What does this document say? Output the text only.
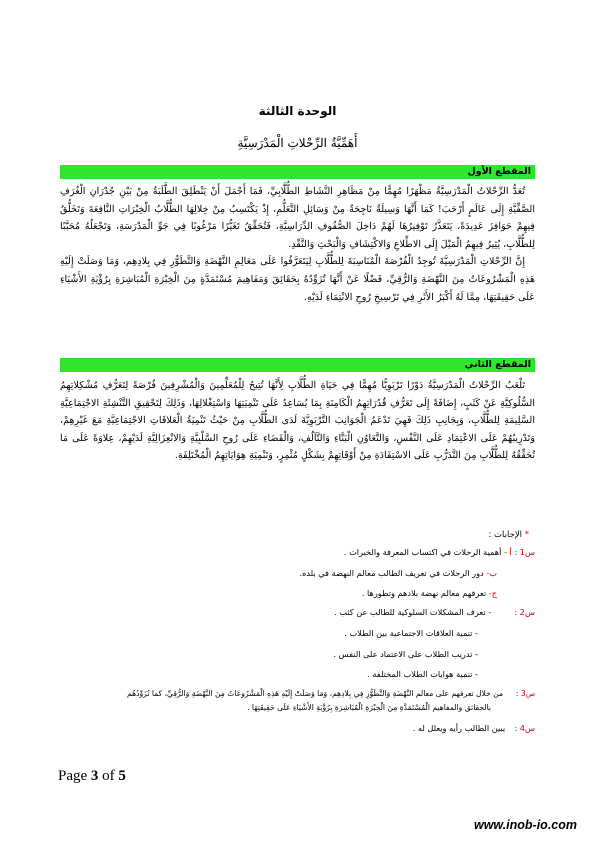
الوحدة الثالثة
أَهَمِّيَّةُ الرِّحْلاتِ الْمَدْرَسِيَّةِ
المقطع الأول

تُعَدُّ الرِّحْلاتُ الْمَدْرَسِيَّةُ مَظْهَرًا مُهِمًّا مِنْ مَظَاهِرِ النَّشَاطِ الطُّلَّابِيِّ، فَمَا أَجْمَلَ أَنْ يَنْطَلِقَ الطَّلَبَةُ مِنْ بَيْنِ جُدْرَانِ الْغُرَفِ الصَّفِّيَّةِ إِلَى عَالَمٍ أَرْحَبَ! كَمَا أَنَّهَا وَسِيلَةٌ نَاجِحَةٌ مِنْ وَسَائِلِ التَّعَلُّمِ، إِذْ يَكْتَسِبُ مِنْ خِلالِهَا الطُّلَّابُ الْخِبْرَاتِ النَّافِعَةَ وَتَخَلُّقُ فِيهِمْ حَوَافِزَ عَدِيدَةً، يَتَعَذَّرُ تَوْفِيرُهَا لَهُمْ دَاخِلَ الصُّفُوفِ الدِّرَاسِيَّةِ، فَتُحَقِّقُ تَغَيُّرًا مَرْغُوبًا فِي جَوِّ الْمَدْرَسَةِ، وَتَجْعَلُهُ مُحَبَّبًا لِلطُّلَّابِ، يُثِيرُ فِيهِمُ الْمَيْلَ إِلَى الاطِّلاعِ وَالاكْتِشَافِ وَالْبَحْثِ وَالنَّقْدِ.

إِنَّ الرِّحْلاتِ الْمَدْرَسِيَّةَ تُوجِدُ الْفُرْصَةَ الْمُنَاسِبَةَ لِلطُّلَّابِ لِيَتَعَرَّفُوا عَلَى مَعَالِمِ النَّهْضَةِ وَالتَّطَوُّرِ فِي بِلادِهِم، وَمَا وَصَلَتْ إِلَيْهِ هَذِهِ الْمَشْرُوعَاتُ مِنَ النَّهْضَةِ وَالرُّقِيِّ، فَضْلًا عَنْ أَنَّهَا تُزَوِّدُهُ بِحَقَائِقَ وَمَفَاهِيمَ مُسْتَمَدَّةٍ مِنَ الْخِبْرَةِ الْمُبَاشِرَةِ بِرُؤْيَةِ الأَشْيَاءِ عَلَى حَقِيقَتِهَا، مِمَّا لَهُ أَكْبَرُ الأَثَرِ فِي تَرْسِيخِ رُوحِ الانْتِمَاءِ لَدَيْهِ.

المقطع الثاني

تَلْعَبُ الرِّحْلاتُ الْمَدْرَسِيَّةُ دَوْرًا تَرْبَوِيًّا مُهِمًّا فِي حَيَاةِ الطُّلَّابِ لِأَنَّهَا تُتِيحُ لِلْمُعَلِّمِينَ وَالْمُشْرِفِينَ فُرْصَةً لِتَعَرُّفِ مُشْكِلاتِهِمُ السُّلُوكِيَّةِ عَنْ كَثَبٍ، إِضَافَةً إِلَى تَعَرُّفِ قُدُرَاتِهِمُ الْكَامِنَةِ بِمَا يُسَاعِدُ عَلَى تَنْمِيَتِهَا وَاسْتِغْلالِهَا، وَذَلِكَ لِتَحْقِيقِ التَّنْشِئَةِ الاجْتِمَاعِيَّةِ السَّلِيمَةِ لِلطُّلَّابِ، وَبِجَانِبِ ذَلِكَ فَهِيَ تَدْعَمُ الْجَوَانِبَ التَّرْبَوِيَّةَ لَدَى الطُّلَّابِ مِنْ حَيْثُ تَنْمِيَةُ الْعَلاقَاتِ الاجْتِمَاعِيَّةِ مَعَ غَيْرِهِمْ، وَتَدْرِيبُهُمْ عَلَى الاعْتِمَادِ عَلَى النَّفْسِ، وَالتَّعَاوُنِ الْبَنَّاءِ وَالتَّآلُفِ، وَالْقَضَاءِ عَلَى رُوحِ السَّلْبِيَّةِ وَالانْعِزَالِيَّةِ لَدَيْهِمْ، عِلاوَةً عَلَى مَا تُحَقِّقُهُ لِلطُّلَّابِ مِنَ التَّدَرُّبِ عَلَى الاسْتِفَادَةِ مِنْ أَوْقَاتِهِمْ بِشَكْلٍ مُثْمِرٍ، وَتَنْمِيَةِ هِوَايَاتِهِمُ الْمُخْتَلِفَةِ.

* الإجابات :
س1 : أ - أهمية الرحلات في اكتساب المعرفة والخبرات .
ب- دور الرحلات في تعريف الطالب معالم النهضة في بلده.
ج- تعرفهم معالم نهضة بلادهم وتطورها .
س2 :  - تعرف المشكلات السلوكية للطالب عن كثب .
- تنمية العلاقات الاجتماعية بين الطلاب .
- تدريب الطلاب على الاعتماد على النفس .
- تنمية هوايات الطلاب المختلفة .
س3 :  من خلال تعرفهم على معالم النَّهْضَةِ وَالتَّطَوُّرِ فِي بِلادِهِم، وَمَا وَصَلَتْ إِلَيْهِ هَذِهِ الْمَشْرُوعَاتُ مِنَ النَّهْضَةِ وَالرُّقِيِّ، كما تُزَوِّدُهُم
بالحقائق والمفاهيم الْمُسْتَمَدَّةِ مِنَ الْخِبْرَةِ الْمُبَاشِرَةِ بِرُؤْيَةِ الأَشْيَاءِ عَلَى حَقِيقَتِهَا .
س4 :  يبين الطالب رأيه ويعلل له .
Page 3 of 5
www.inob-io.com
